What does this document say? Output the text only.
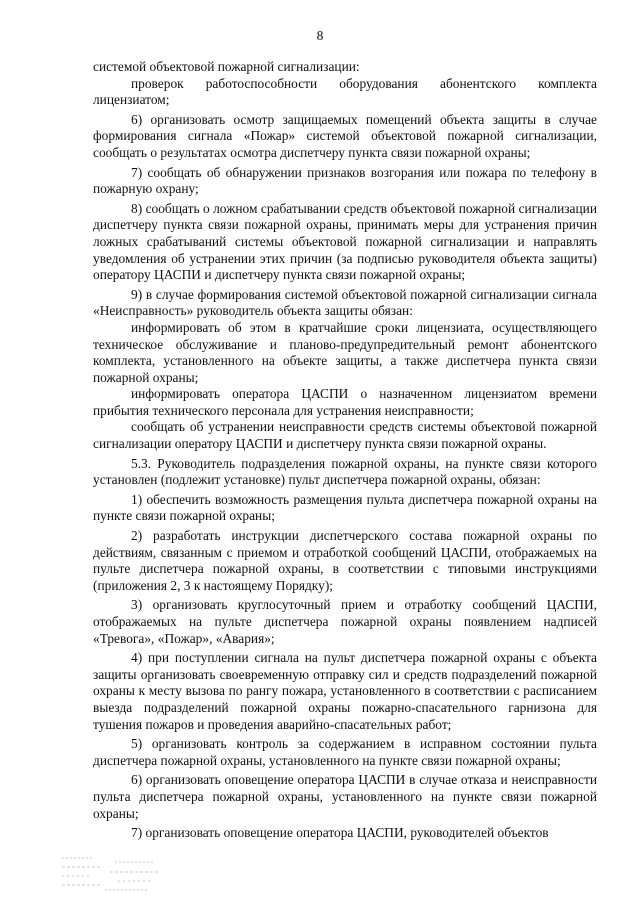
8

системой объектовой пожарной сигнализации:

проверок работоспособности оборудования абонентского комплекта лицензиатом;

6) организовать осмотр защищаемых помещений объекта защиты в случае формирования сигнала «Пожар» системой объектовой пожарной сигнализации, сообщать о результатах осмотра диспетчеру пункта связи пожарной охраны;

7) сообщать об обнаружении признаков возгорания или пожара по телефону в пожарную охрану;

8) сообщать о ложном срабатывании средств объектовой пожарной сигнализации диспетчеру пункта связи пожарной охраны, принимать меры для устранения причин ложных срабатываний системы объектовой пожарной сигнализации и направлять уведомления об устранении этих причин (за подписью руководителя объекта защиты) оператору ЦАСПИ и диспетчеру пункта связи пожарной охраны;

9) в случае формирования системой объектовой пожарной сигнализации сигнала «Неисправность» руководитель объекта защиты обязан:

информировать об этом в кратчайшие сроки лицензиата, осуществляющего техническое обслуживание и планово-предупредительный ремонт абонентского комплекта, установленного на объекте защиты, а также диспетчера пункта связи пожарной охраны;

информировать оператора ЦАСПИ о назначенном лицензиатом времени прибытия технического персонала для устранения неисправности;

сообщать об устранении неисправности средств системы объектовой пожарной сигнализации оператору ЦАСПИ и диспетчеру пункта связи пожарной охраны.

5.3. Руководитель подразделения пожарной охраны, на пункте связи которого установлен (подлежит установке) пульт диспетчера пожарной охраны, обязан:

1) обеспечить возможность размещения пульта диспетчера пожарной охраны на пункте связи пожарной охраны;

2) разработать инструкции диспетчерского состава пожарной охраны по действиям, связанным с приемом и отработкой сообщений ЦАСПИ, отображаемых на пульте диспетчера пожарной охраны, в соответствии с типовыми инструкциями (приложения 2, 3 к настоящему Порядку);

3) организовать круглосуточный прием и отработку сообщений ЦАСПИ, отображаемых на пульте диспетчера пожарной охраны появлением надписей «Тревога», «Пожар», «Авария»;

4) при поступлении сигнала на пульт диспетчера пожарной охраны с объекта защиты организовать своевременную отправку сил и средств подразделений пожарной охраны к месту вызова по рангу пожара, установленного в соответствии с расписанием выезда подразделений пожарной охраны пожарно-спасательного гарнизона для тушения пожаров и проведения аварийно-спасательных работ;

5) организовать контроль за содержанием в исправном состоянии пульта диспетчера пожарной охраны, установленного на пункте связи пожарной охраны;

6) организовать оповещение оператора ЦАСПИ в случае отказа и неисправности пульта диспетчера пожарной охраны, установленного на пункте связи пожарной охраны;

7) организовать оповещение оператора ЦАСПИ, руководителей объектов
